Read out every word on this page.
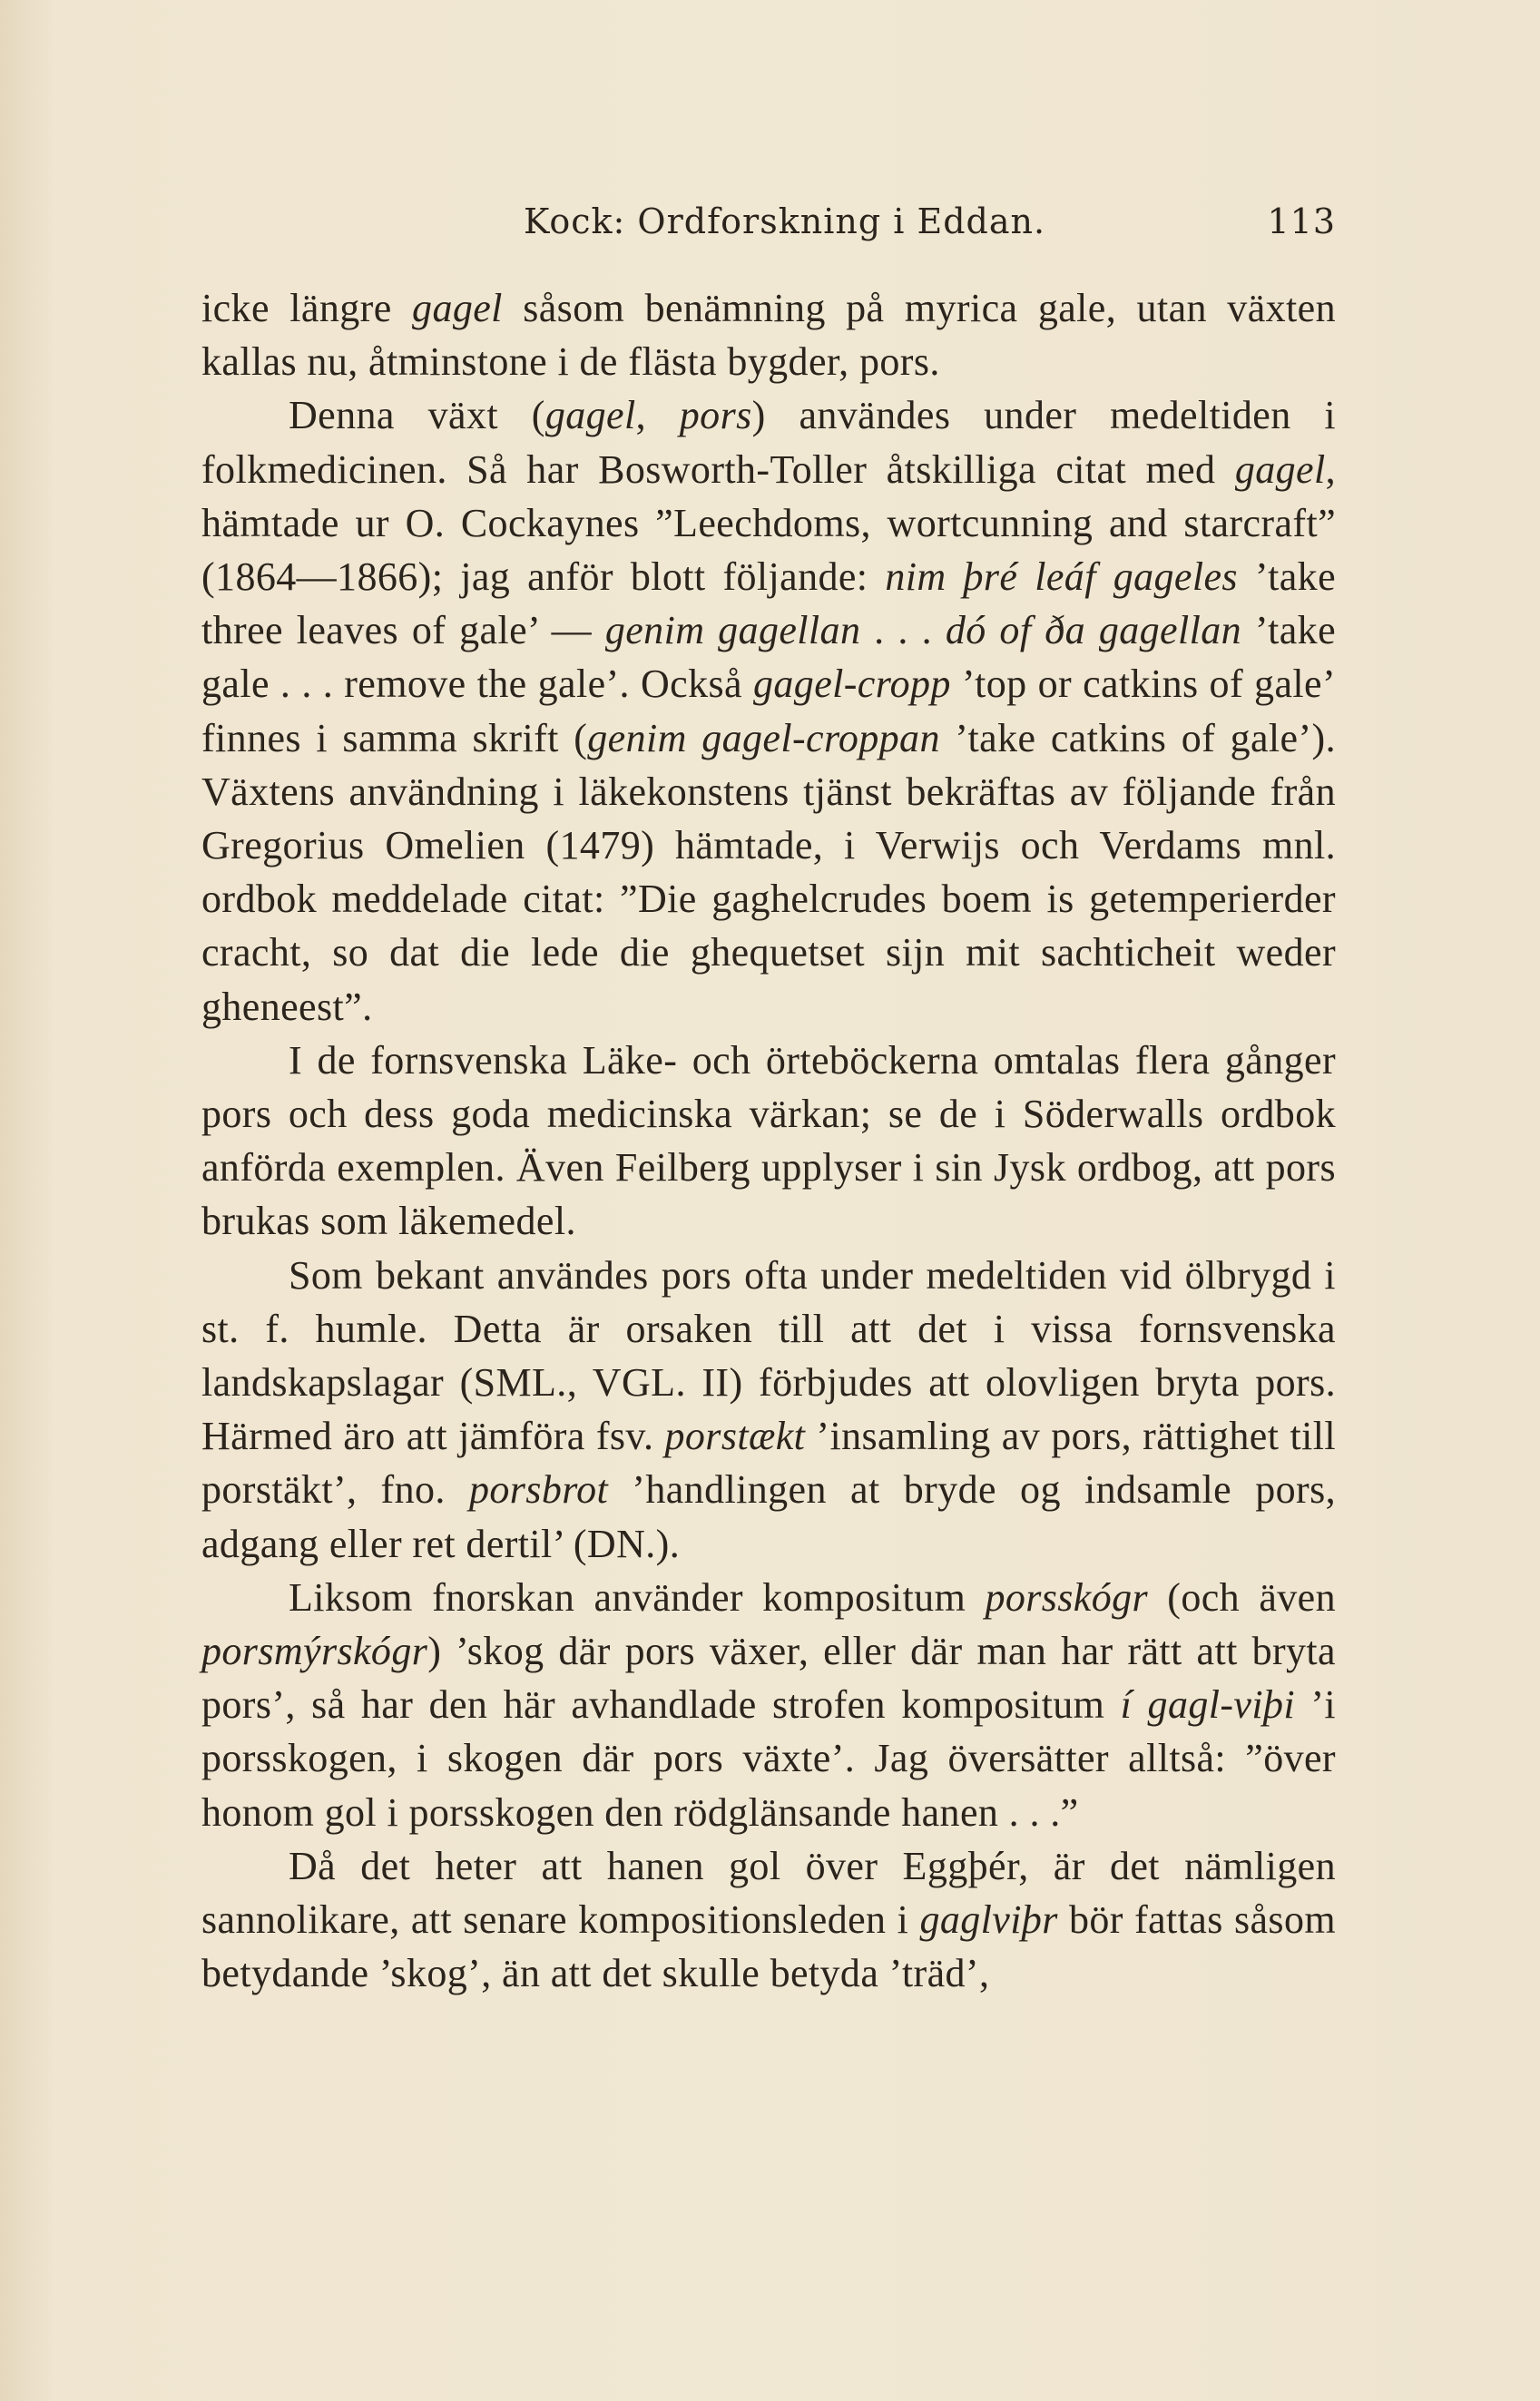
Kock: Ordforskning i Eddan.	113

icke längre gagel såsom benämning på myrica gale, utan växten kallas nu, åtminstone i de flästa bygder, pors.

Denna växt (gagel, pors) användes under medeltiden i folkmedicinen. Så har Bosworth-Toller åtskilliga citat med gagel, hämtade ur O. Cockaynes ”Leechdoms, wortcunning and starcraft” (1864—1866); jag anför blott följande: nim þré leáf gageles ’take three leaves of gale’ — genim gagellan . . . dó of ða gagellan ’take gale . . . remove the gale’. Också gagel-cropp ’top or catkins of gale’ finnes i samma skrift (genim gagel-croppan ’take catkins of gale’). Växtens användning i läkekonstens tjänst bekräftas av följande från Gregorius Omelien (1479) hämtade, i Verwijs och Verdams mnl. ordbok meddelade citat: ”Die gaghelcrudes boem is getemperierder cracht, so dat die lede die ghequetset sijn mit sachticheit weder gheneest”.

I de fornsvenska Läke- och örteböckerna omtalas flera gånger pors och dess goda medicinska värkan; se de i Söderwalls ordbok anförda exemplen. Även Feilberg upplyser i sin Jysk ordbog, att pors brukas som läkemedel.

Som bekant användes pors ofta under medeltiden vid ölbrygd i st. f. humle. Detta är orsaken till att det i vissa fornsvenska landskapslagar (SML., VGL. II) förbjudes att olovligen bryta pors. Härmed äro att jämföra fsv. porstækt ’insamling av pors, rättighet till porstäkt’, fno. porsbrot ’handlingen at bryde og indsamle pors, adgang eller ret dertil’ (DN.).

Liksom fnorskan använder kompositum porsskógr (och även porsmýrskógr) ’skog där pors växer, eller där man har rätt att bryta pors’, så har den här avhandlade strofen kompositum í gagl-viþi ’i porsskogen, i skogen där pors växte’. Jag översätter alltså: ”över honom gol i porsskogen den rödglänsande hanen . . .”

Då det heter att hanen gol över Eggþér, är det nämligen sannolikare, att senare kompositionsleden i gaglviþr bör fattas såsom betydande ’skog’, än att det skulle betyda ’träd’,
